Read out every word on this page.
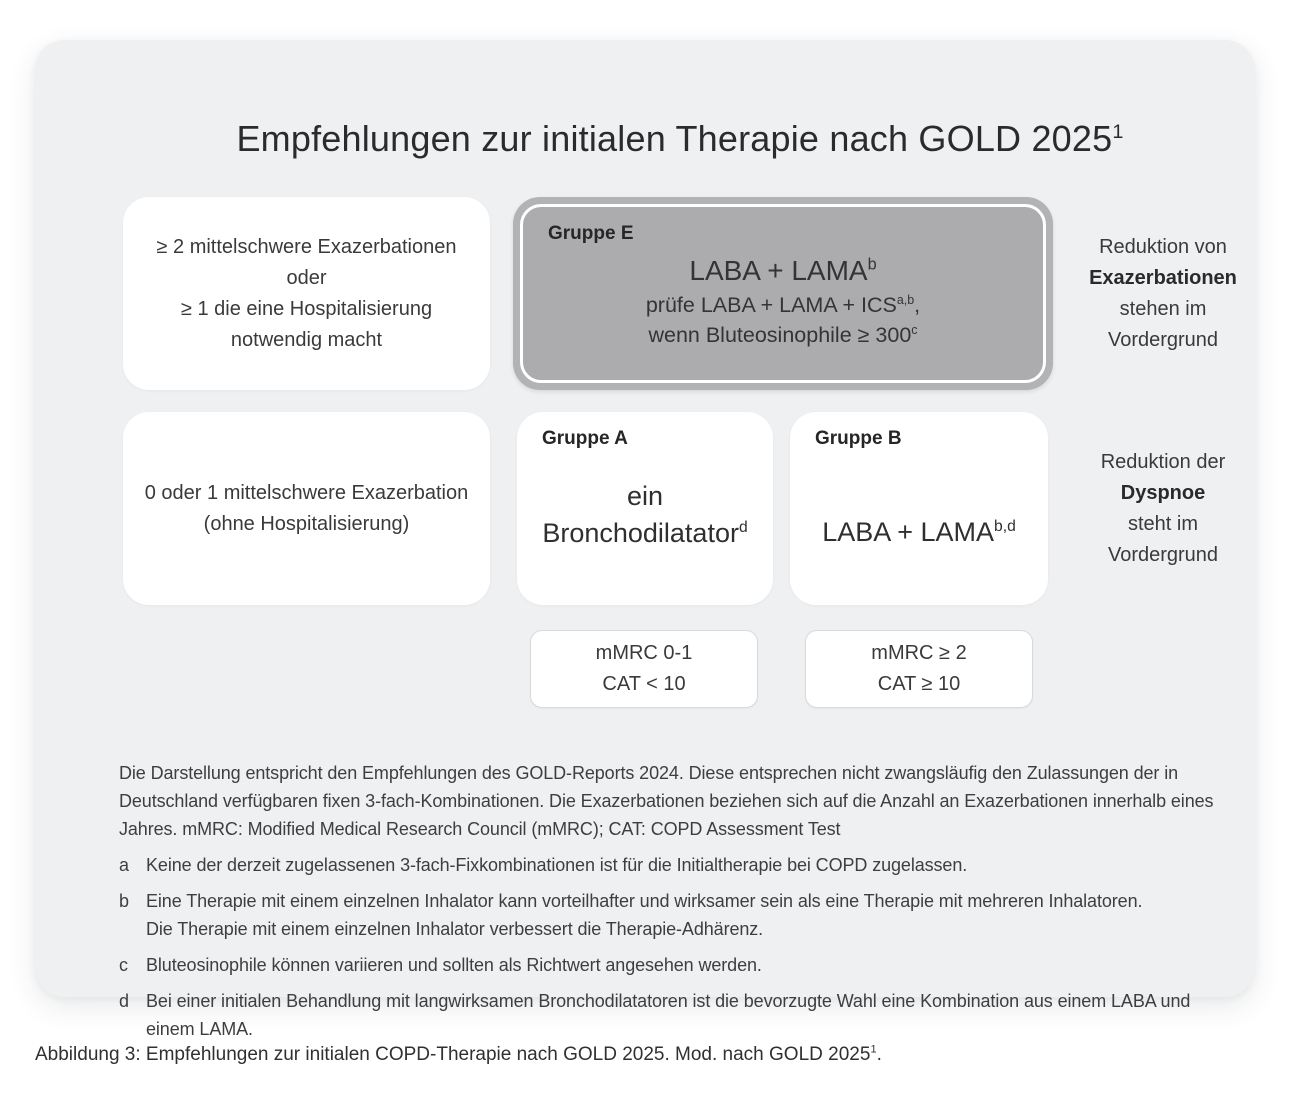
Empfehlungen zur initialen Therapie nach GOLD $2025^1$
≥ 2 mittelschwere Exazerbationen
oder
≥ 1 die eine Hospitalisierung
notwendig macht
Gruppe E
LABA + $LAMA^b$
prüfe LABA + LAMA + ICS$^{a,b}$,
wenn Bluteosinophile ≥ $300^c$
Reduktion von
Exazerbationen
stehen im
Vordergrund
0 oder 1 mittelschwere Exazerbation
(ohne Hospitalisierung)
Gruppe A
ein
Bronchodilatator$^d$
Gruppe B
LABA + LAMA$^{b,d}$
Reduktion der
Dyspnoe
steht im
Vordergrund
mMRC 0-1
CAT < 10
mMRC ≥ 2
CAT ≥ 10

Die Darstellung entspricht den Empfehlungen des GOLD-Reports 2024. Diese entsprechen nicht zwangsläufig den Zulassungen der in Deutschland verfügbaren fixen 3-fach-Kombinationen. Die Exazerbationen beziehen sich auf die Anzahl an Exazerbationen innerhalb eines Jahres. mMRC: Modified Medical Research Council (mMRC); CAT: COPD Assessment Test

a Keine der derzeit zugelassenen 3-fach-Fixkombinationen ist für die Initialtherapie bei COPD zugelassen.
b Eine Therapie mit einem einzelnen Inhalator kann vorteilhafter und wirksamer sein als eine Therapie mit mehreren Inhalatoren.
Die Therapie mit einem einzelnen Inhalator verbessert die Therapie-Adhärenz.
c	Bluteosinophile können variieren und sollten als Richtwert angesehen werden.
d Bei einer initialen Behandlung mit langwirksamen Bronchodilatatoren ist die bevorzugte Wahl eine Kombination aus einem LABA und
einem LAMA.
Abbildung 3: Empfehlungen zur initialen COPD-Therapie nach GOLD 2025. Mod. nach GOLD 2025$^1$.
